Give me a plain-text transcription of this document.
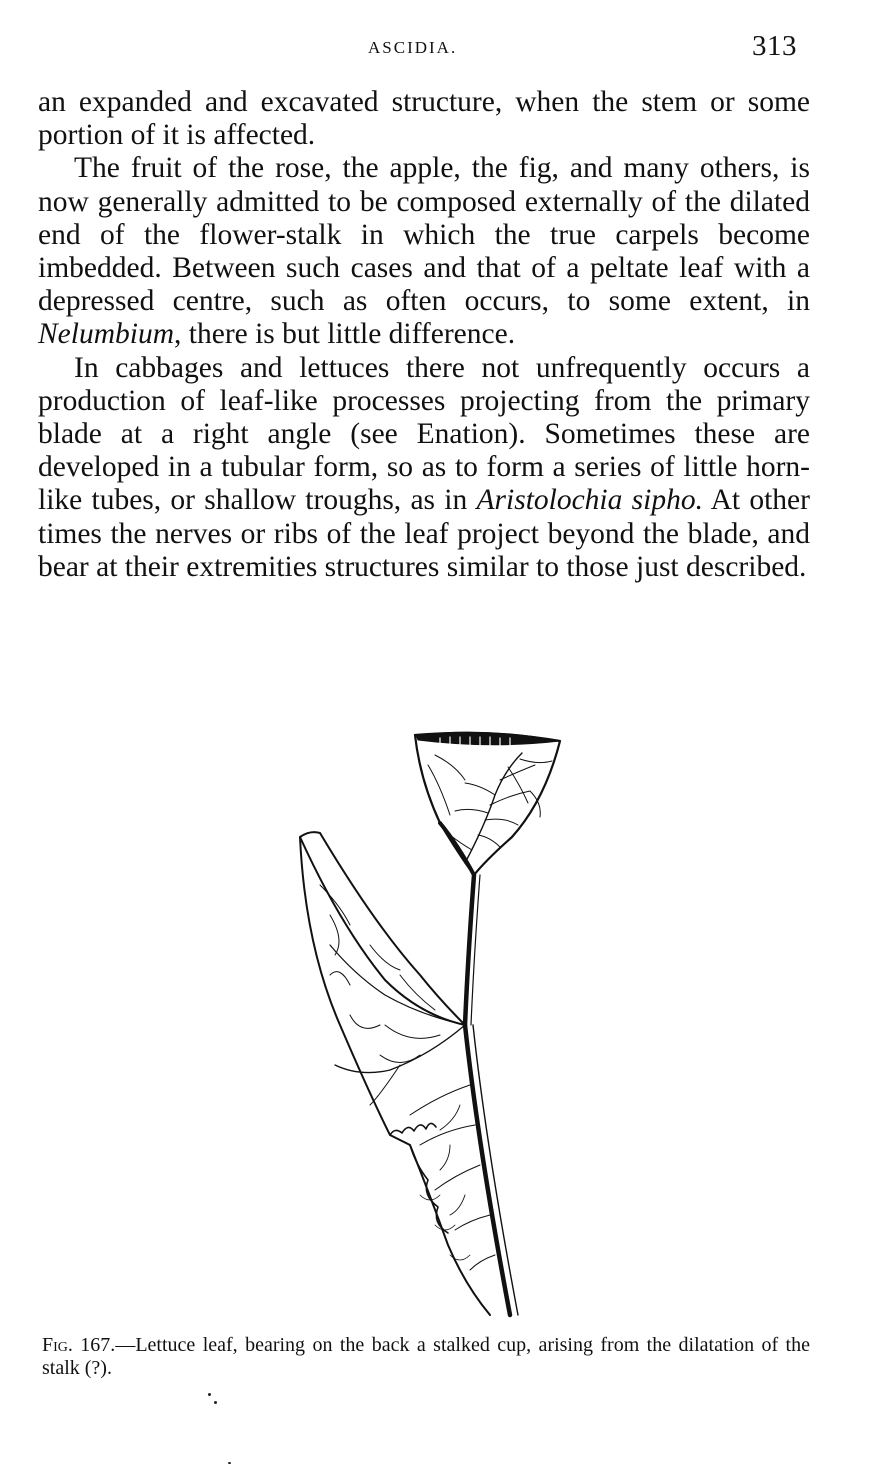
ASCIDIA.	313

an expanded and excavated structure, when the stem or some portion of it is affected.

The fruit of the rose, the apple, the fig, and many others, is now generally admitted to be composed externally of the dilated end of the flower-stalk in which the true carpels become imbedded. Between such cases and that of a peltate leaf with a depressed centre, such as often occurs, to some extent, in Nelumbium, there is but little difference.

In cabbages and lettuces there not unfrequently occurs a production of leaf-like processes projecting from the primary blade at a right angle (see Enation). Sometimes these are developed in a tubular form, so as to form a series of little horn-like tubes, or shallow troughs, as in Aristolochia sipho. At other times the nerves or ribs of the leaf project beyond the blade, and bear at their extremities structures similar to those just described.

Fig. 167.—Lettuce leaf, bearing on the back a stalked cup, arising from the dilatation of the stalk (?).
